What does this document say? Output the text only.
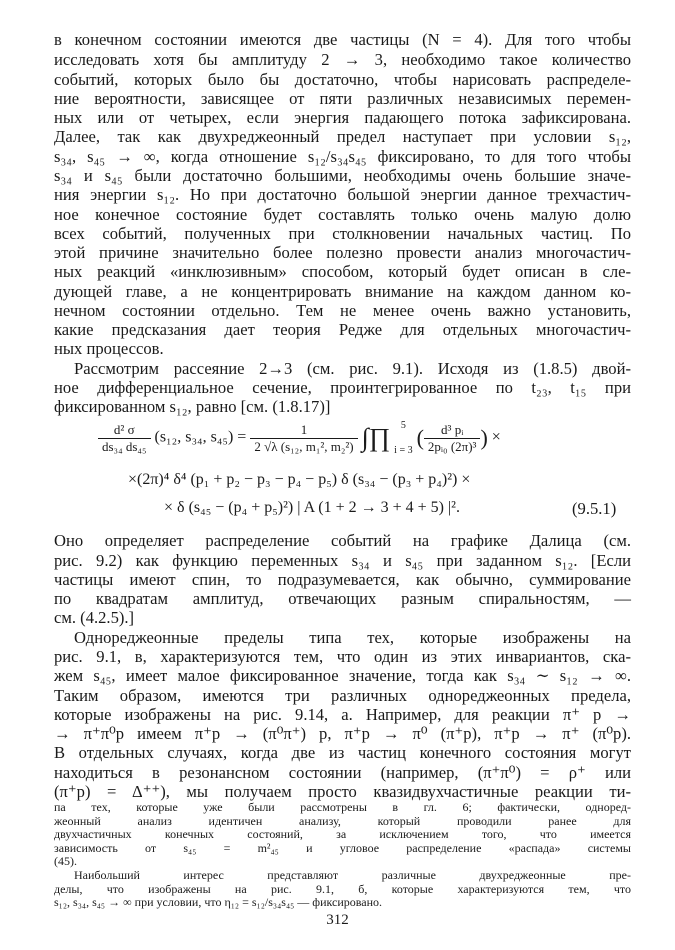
в конечном состоянии имеются две частицы (N = 4). Для того чтобы
исследовать хотя бы амплитуду 2 → 3, необходимо такое количество
событий, которых было бы достаточно, чтобы нарисовать распределе-
ние вероятности, зависящее от пяти различных независимых перемен-
ных или от четырех, если энергия падающего потока зафиксирована.
Далее, так как двухреджеонный предел наступает при условии s₁₂,
s₃₄, s₄₅ → ∞, когда отношение s₁₂/s₃₄s₄₅ фиксировано, то для того чтобы
s₃₄ и s₄₅ были достаточно большими, необходимы очень большие значе-
ния энергии s₁₂. Но при достаточно большой энергии данное трехчастич-
ное конечное состояние будет составлять только очень малую долю
всех событий, полученных при столкновении начальных частиц. По
этой причине значительно более полезно провести анализ многочастич-
ных реакций «инклюзивным» способом, который будет описан в сле-
дующей главе, а не концентрировать внимание на каждом данном ко-
нечном состоянии отдельно. Тем не менее очень важно установить,
какие предсказания дает теория Редже для отдельных многочастич-
ных процессов.
Рассмотрим рассеяние 2→3 (см. рис. 9.1). Исходя из (1.8.5) двой-
ное дифференциальное сечение, проинтегрированное по t₂₃, t₁₅ при
фиксированном s₁₂, равно [см. (1.8.17)]
$\frac{\text{d² σ}}{\text{ds₃₄ ds₄₅}} (s_{12}$, s₃₄, $s_{45}) = \frac{1}{\text{2 √λ (s₁₂, m₁², m₂²)}}$ ∫∏	5
i = 3
( $\frac{\text{d³ pᵢ}}{\text{2pᵢ₀ (2π)³}}$ ) ×
×(2π)⁴ δ⁴ (p₁ + p₂ − p₃ − p₄ − p₅) δ (s₃₄ − (p₃ + p₄)²) ×
× δ (s₄₅ − (p₄ + p₅)²) | A (1 + 2 → 3 + 4 + 5) |².	(9.5.1)
Оно определяет распределение событий на графике Далица (см.
рис. 9.2) как функцию переменных s₃₄ и s₄₅ при заданном s₁₂. [Если
частицы имеют спин, то подразумевается, как обычно, суммирование
по квадратам амплитуд, отвечающих разным спиральностям, —
см. (4.2.5).]
Однореджеонные пределы типа тех, которые изображены на
рис. 9.1, в, характеризуются тем, что один из этих инвариантов, ска-
жем s₄₅, имеет малое фиксированное значение, тогда как s₃₄ ∼ s₁₂ → ∞.
Таким образом, имеются три различных однореджеонных предела,
которые изображены на рис. 9.14, а. Например, для реакции π⁺ p →
→ π⁺π⁰p имеем π⁺p → (π⁰π⁺) p, π⁺p → π⁰ (π⁺p), π⁺p → π⁺ (π⁰p).
В отдельных случаях, когда две из частиц конечного состояния могут
находиться в резонансном состоянии (например, (π⁺π⁰) = ρ⁺ или
(π⁺p) = Δ⁺⁺), мы получаем просто квазидвухчастичные реакции ти-
па тех, которые уже были рассмотрены в гл. 6; фактически, одноред-
жеонный анализ идентичен анализу, который проводили ранее для
двухчастичных конечных состояний, за исключением того, что имеется
зависимость от s₄₅ = m²₄₅ и угловое распределение «распада» системы
(45).
Наибольший интерес представляют различные двухреджеонные пре-
делы, что изображены на рис. 9.1, б, которые характеризуются тем, что
s₁₂, s₃₄, s₄₅ → ∞ при условии, что η₁₂ = s₁₂/s₃₄s₄₅ — фиксировано.
312
